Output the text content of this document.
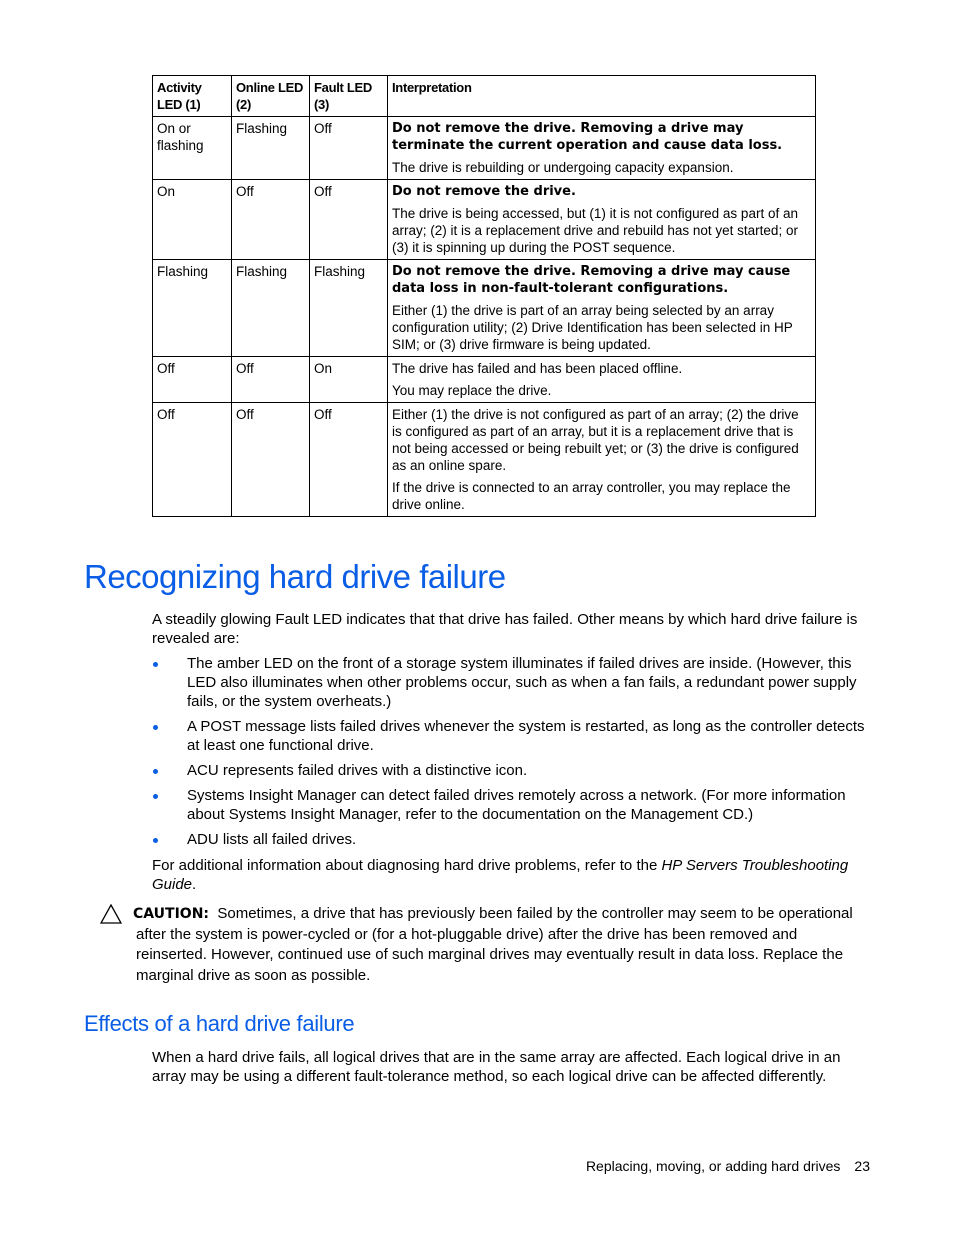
Activity LED (1)	Online LED (2)	Fault LED (3)	Interpretation
On or flashing	Flashing	Off	Do not remove the drive. Removing a drive may terminate the current operation and cause data loss.

The drive is rebuilding or undergoing capacity expansion.

On	Off	Off	Do not remove the drive.

The drive is being accessed, but (1) it is not configured as part of an array; (2) it is a replacement drive and rebuild has not yet started; or (3) it is spinning up during the POST sequence.

Flashing	Flashing	Flashing	Do not remove the drive. Removing a drive may cause data loss in non-fault-tolerant configurations.

Either (1) the drive is part of an array being selected by an array configuration utility; (2) Drive Identification has been selected in HP SIM; or (3) drive firmware is being updated.

Off	Off	On	The drive has failed and has been placed offline.

You may replace the drive.

Off	Off	Off	Either (1) the drive is not configured as part of an array; (2) the drive is configured as part of an array, but it is a replacement drive that is not being accessed or being rebuilt yet; or (3) the drive is configured as an online spare.

If the drive is connected to an array controller, you may replace the drive online.

Recognizing hard drive failure

A steadily glowing Fault LED indicates that that drive has failed. Other means by which hard drive failure is revealed are:

The amber LED on the front of a storage system illuminates if failed drives are inside. (However, this LED also illuminates when other problems occur, such as when a fan fails, a redundant power supply fails, or the system overheats.)
A POST message lists failed drives whenever the system is restarted, as long as the controller detects at least one functional drive.
ACU represents failed drives with a distinctive icon.
Systems Insight Manager can detect failed drives remotely across a network. (For more information about Systems Insight Manager, refer to the documentation on the Management CD.)
ADU lists all failed drives.

For additional information about diagnosing hard drive problems, refer to the HP Servers Troubleshooting Guide.

CAUTION: Sometimes, a drive that has previously been failed by the controller may seem to be operational after the system is power-cycled or (for a hot-pluggable drive) after the drive has been removed and reinserted. However, continued use of such marginal drives may eventually result in data loss. Replace the marginal drive as soon as possible.

Effects of a hard drive failure

When a hard drive fails, all logical drives that are in the same array are affected. Each logical drive in an array may be using a different fault-tolerance method, so each logical drive can be affected differently.

Replacing, moving, or adding hard drives 23
